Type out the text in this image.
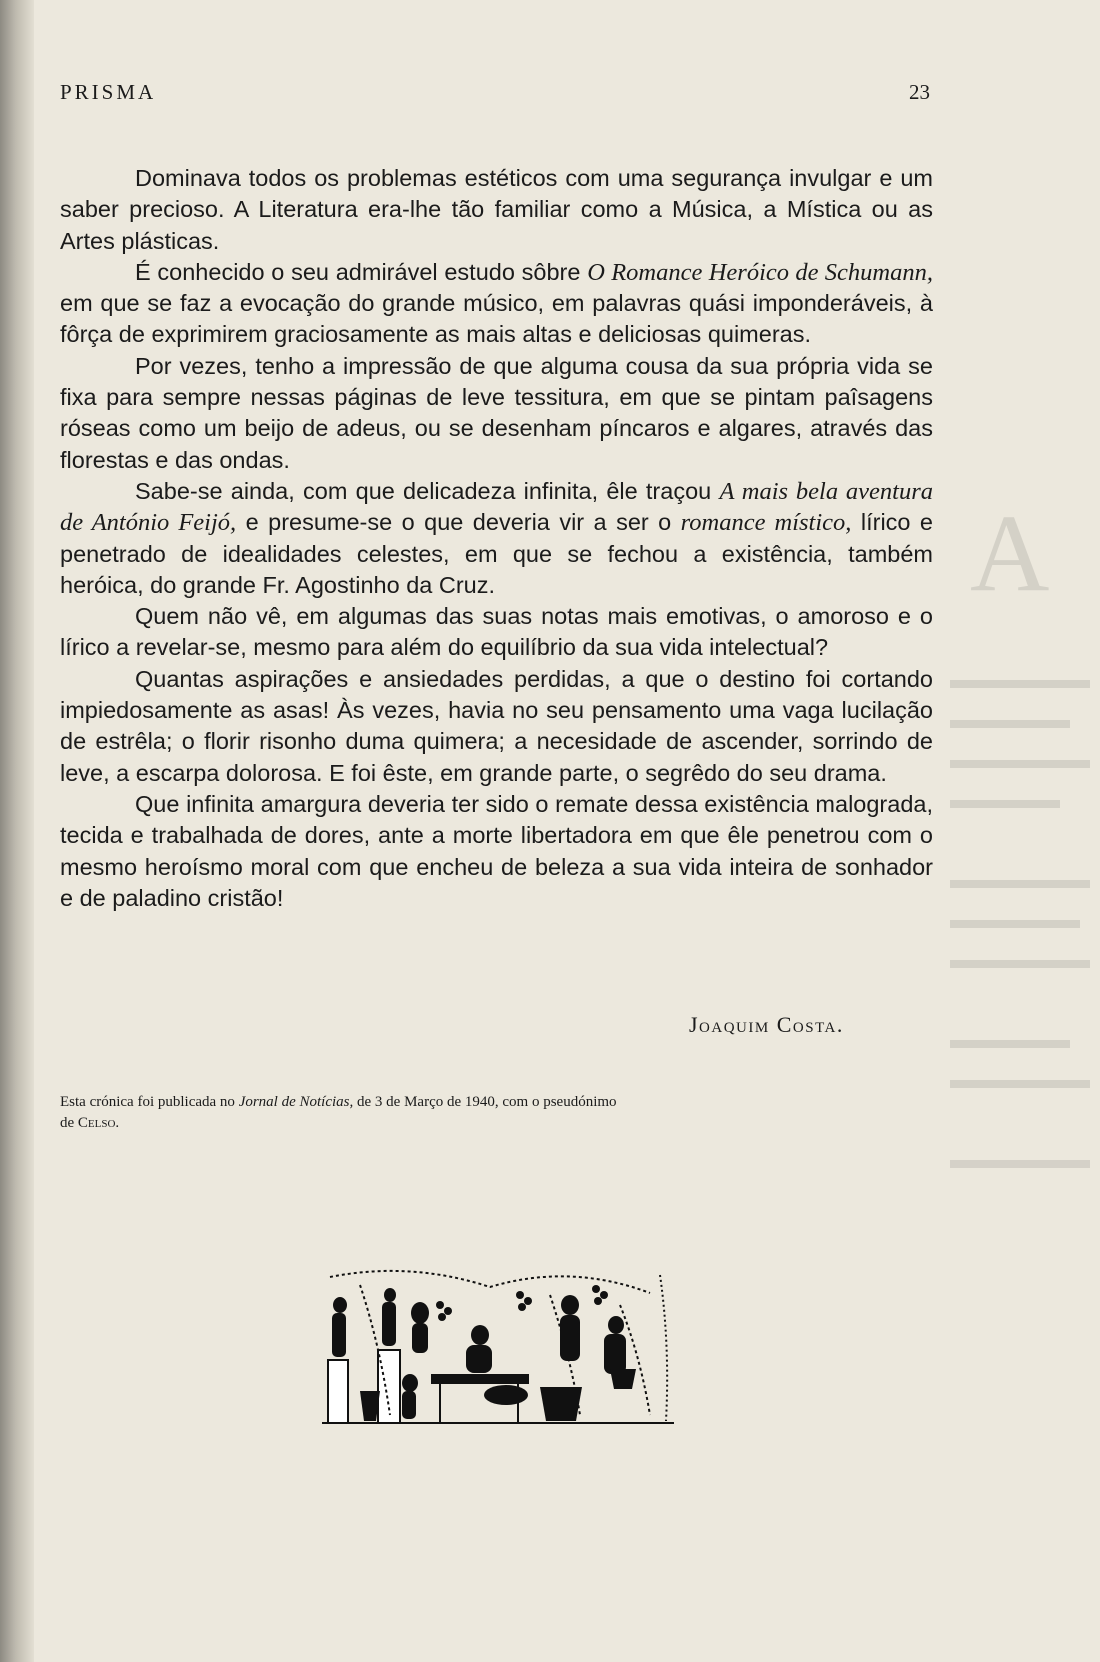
A
PRISMA	23

Dominava todos os problemas estéticos com uma segurança invulgar e um saber precioso. A Literatura era-lhe tão familiar como a Música, a Mística ou as Artes plásticas.

É conhecido o seu admirável estudo sôbre O Romance Heróico de Schumann, em que se faz a evocação do grande músico, em palavras quási imponderáveis, à fôrça de exprimirem graciosamente as mais altas e deliciosas quimeras.

Por vezes, tenho a impressão de que alguma cousa da sua própria vida se fixa para sempre nessas páginas de leve tessitura, em que se pintam paîsagens róseas como um beijo de adeus, ou se desenham píncaros e algares, através das florestas e das ondas.

Sabe-se ainda, com que delicadeza infinita, êle traçou A mais bela aventura de António Feijó, e presume-se o que deveria vir a ser o romance místico, lírico e penetrado de idealidades celestes, em que se fechou a existência, também heróica, do grande Fr. Agostinho da Cruz.

Quem não vê, em algumas das suas notas mais emotivas, o amoroso e o lírico a revelar-se, mesmo para além do equilíbrio da sua vida intelectual?

Quantas aspirações e ansiedades perdidas, a que o destino foi cortando impiedosamente as asas! Às vezes, havia no seu pensamento uma vaga lucilação de estrêla; o florir risonho duma quimera; a necesidade de ascender, sorrindo de leve, a escarpa dolorosa. E foi êste, em grande parte, o segrêdo do seu drama.

Que infinita amargura deveria ter sido o remate dessa existência malograda, tecida e trabalhada de dores, ante a morte libertadora em que êle penetrou com o mesmo heroísmo moral com que encheu de beleza a sua vida inteira de sonhador e de paladino cristão!

Joaquim Costa.
Esta crónica foi publicada no Jornal de Notícias, de 3 de Março de 1940, com o pseudónimo de Celso.
